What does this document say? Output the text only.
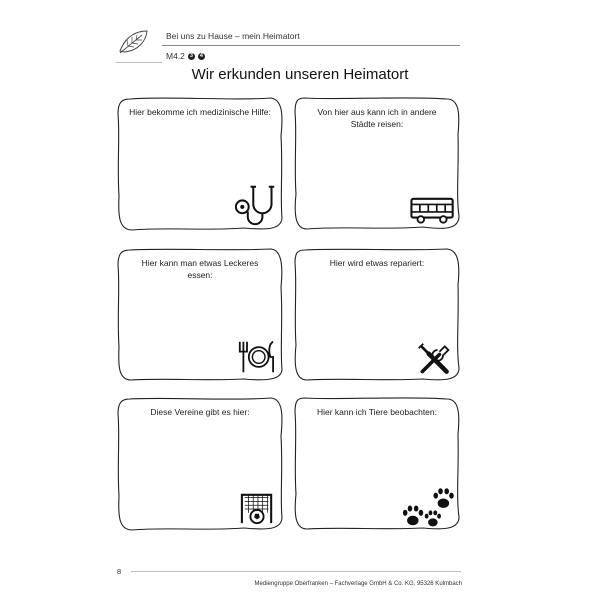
Bei uns zu Hause – mein Heimatort
M4.2 3	4
Wir erkunden unseren Heimatort
Hier bekomme ich medizinische Hilfe:	Von hier aus kann ich in andere Städte reisen:
Hier kann man etwas Leckeres essen:
Hier wird etwas repariert:
Diese Vereine gibt es hier:	Hier kann ich Tiere beobachten:
8
Mediengruppe Oberfranken – Fachverlage GmbH & Co. KG, 95326 Kulmbach
